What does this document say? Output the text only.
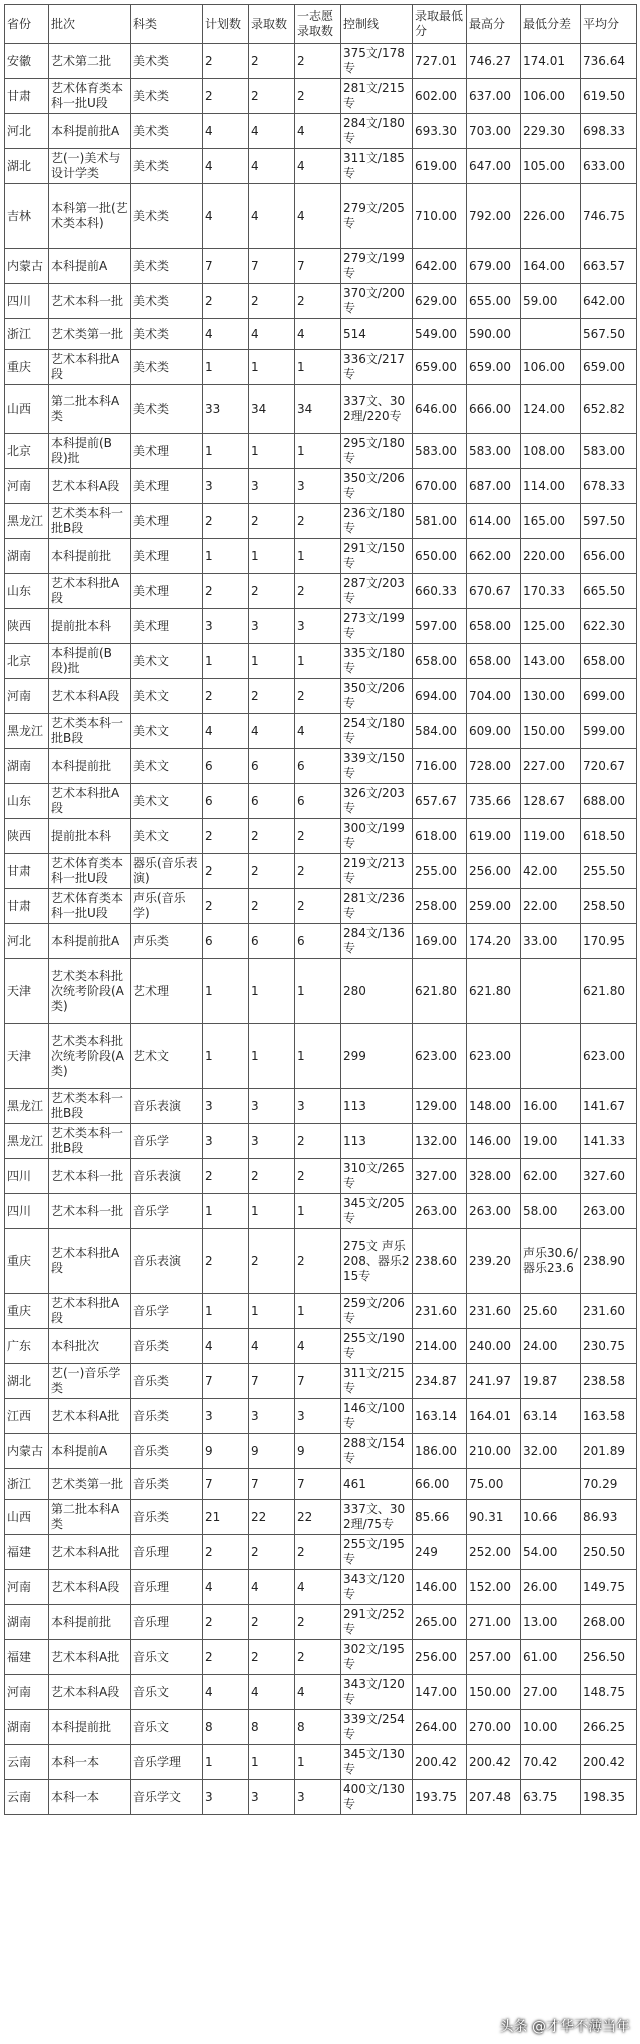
省份	批次	科类	计划数	录取数	一志愿录取数	控制线	录取最低分	最高分	最低分差	平均分
安徽	艺术第二批	美术类	2	2	2	375文/178专	727.01	746.27	174.01	736.64
甘肃	艺术体育类本科一批U段	美术类	2	2	2	281文/215专	602.00	637.00	106.00	619.50
河北	本科提前批A	美术类	4	4	4	284文/180专	693.30	703.00	229.30	698.33
湖北	艺(一)美术与设计学类	美术类	4	4	4	311文/185专	619.00	647.00	105.00	633.00
吉林	本科第一批(艺术类本科)	美术类	4	4	4	279文/205专	710.00	792.00	226.00	746.75
内蒙古	本科提前A	美术类	7	7	7	279文/199专	642.00	679.00	164.00	663.57
四川	艺术本科一批	美术类	2	2	2	370文/200专	629.00	655.00	59.00	642.00
浙江	艺术类第一批	美术类	4	4	4	514	549.00	590.00		567.50
重庆	艺术本科批A段	美术类	1	1	1	336文/217专	659.00	659.00	106.00	659.00
山西	第二批本科A类	美术类	33	34	34	337文、302理/220专	646.00	666.00	124.00	652.82
北京	本科提前(B段)批	美术理	1	1	1	295文/180专	583.00	583.00	108.00	583.00
河南	艺术本科A段	美术理	3	3	3	350文/206专	670.00	687.00	114.00	678.33
黑龙江	艺术类本科一批B段	美术理	2	2	2	236文/180专	581.00	614.00	165.00	597.50
湖南	本科提前批	美术理	1	1	1	291文/150专	650.00	662.00	220.00	656.00
山东	艺术本科批A段	美术理	2	2	2	287文/203专	660.33	670.67	170.33	665.50
陕西	提前批本科	美术理	3	3	3	273文/199专	597.00	658.00	125.00	622.30
北京	本科提前(B段)批	美术文	1	1	1	335文/180专	658.00	658.00	143.00	658.00
河南	艺术本科A段	美术文	2	2	2	350文/206专	694.00	704.00	130.00	699.00
黑龙江	艺术类本科一批B段	美术文	4	4	4	254文/180专	584.00	609.00	150.00	599.00
湖南	本科提前批	美术文	6	6	6	339文/150专	716.00	728.00	227.00	720.67
山东	艺术本科批A段	美术文	6	6	6	326文/203专	657.67	735.66	128.67	688.00
陕西	提前批本科	美术文	2	2	2	300文/199专	618.00	619.00	119.00	618.50
甘肃	艺术体育类本科一批U段	器乐(音乐表演)	2	2	2	219文/213专	255.00	256.00	42.00	255.50
甘肃	艺术体育类本科一批U段	声乐(音乐学)	2	2	2	281文/236专	258.00	259.00	22.00	258.50
河北	本科提前批A	声乐类	6	6	6	284文/136专	169.00	174.20	33.00	170.95
天津	艺术类本科批次统考阶段(A类)	艺术理	1	1	1	280	621.80	621.80		621.80
天津	艺术类本科批次统考阶段(A类)	艺术文	1	1	1	299	623.00	623.00		623.00
黑龙江	艺术类本科一批B段	音乐表演	3	3	3	113	129.00	148.00	16.00	141.67
黑龙江	艺术类本科一批B段	音乐学	3	3	2	113	132.00	146.00	19.00	141.33
四川	艺术本科一批	音乐表演	2	2	2	310文/265专	327.00	328.00	62.00	327.60
四川	艺术本科一批	音乐学	1	1	1	345文/205专	263.00	263.00	58.00	263.00
重庆	艺术本科批A段	音乐表演	2	2	2	275文 声乐208、器乐215专	238.60	239.20	声乐30.6/器乐23.6	238.90
重庆	艺术本科批A段	音乐学	1	1	1	259文/206专	231.60	231.60	25.60	231.60
广东	本科批次	音乐类	4	4	4	255文/190专	214.00	240.00	24.00	230.75
湖北	艺(一)音乐学类	音乐类	7	7	7	311文/215专	234.87	241.97	19.87	238.58
江西	艺术本科A批	音乐类	3	3	3	146文/100专	163.14	164.01	63.14	163.58
内蒙古	本科提前A	音乐类	9	9	9	288文/154专	186.00	210.00	32.00	201.89
浙江	艺术类第一批	音乐类	7	7	7	461	66.00	75.00		70.29
山西	第二批本科A类	音乐类	21	22	22	337文、302理/75专	85.66	90.31	10.66	86.93
福建	艺术本科A批	音乐理	2	2	2	255文/195专	249	252.00	54.00	250.50
河南	艺术本科A段	音乐理	4	4	4	343文/120专	146.00	152.00	26.00	149.75
湖南	本科提前批	音乐理	2	2	2	291文/252专	265.00	271.00	13.00	268.00
福建	艺术本科A批	音乐文	2	2	2	302文/195专	256.00	257.00	61.00	256.50
河南	艺术本科A段	音乐文	4	4	4	343文/120专	147.00	150.00	27.00	148.75
湖南	本科提前批	音乐文	8	8	8	339文/254专	264.00	270.00	10.00	266.25
云南	本科一本	音乐学理	1	1	1	345文/130专	200.42	200.42	70.42	200.42
云南	本科一本	音乐学文	3	3	3	400文/130专	193.75	207.48	63.75	198.35
头条 @才华不薄当年
